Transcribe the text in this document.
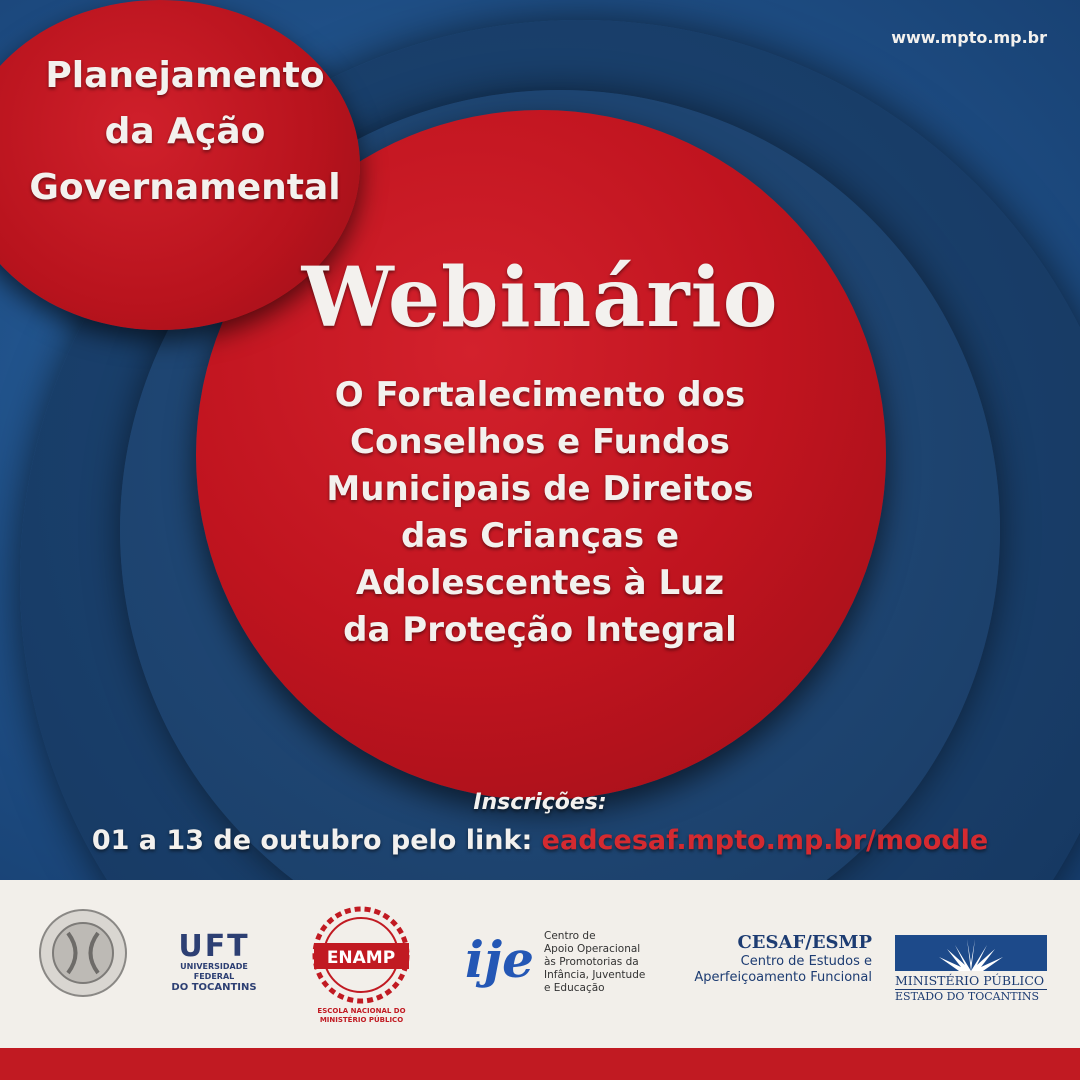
www.mpto.mp.br
Planejamento
da Ação
Governamental
Webinário
O Fortalecimento dos
Conselhos e Fundos
Municipais de Direitos
das Crianças e
Adolescentes à Luz
da Proteção Integral
Inscrições:
01 a 13 de outubro pelo link: eadcesaf.mpto.mp.br/moodle
UFT
UNIVERSIDADE FEDERAL
DO TOCANTINS
ENAMP
ESCOLA NACIONAL DO
MINISTÉRIO PÚBLICO
ije Centro de
Apoio Operacional
às Promotorias da
Infância, Juventude
e Educação
CESAF/ESMP
Centro de Estudos e
Aperfeiçoamento Funcional MINISTÉRIO PÚBLICO
ESTADO DO TOCANTINS
